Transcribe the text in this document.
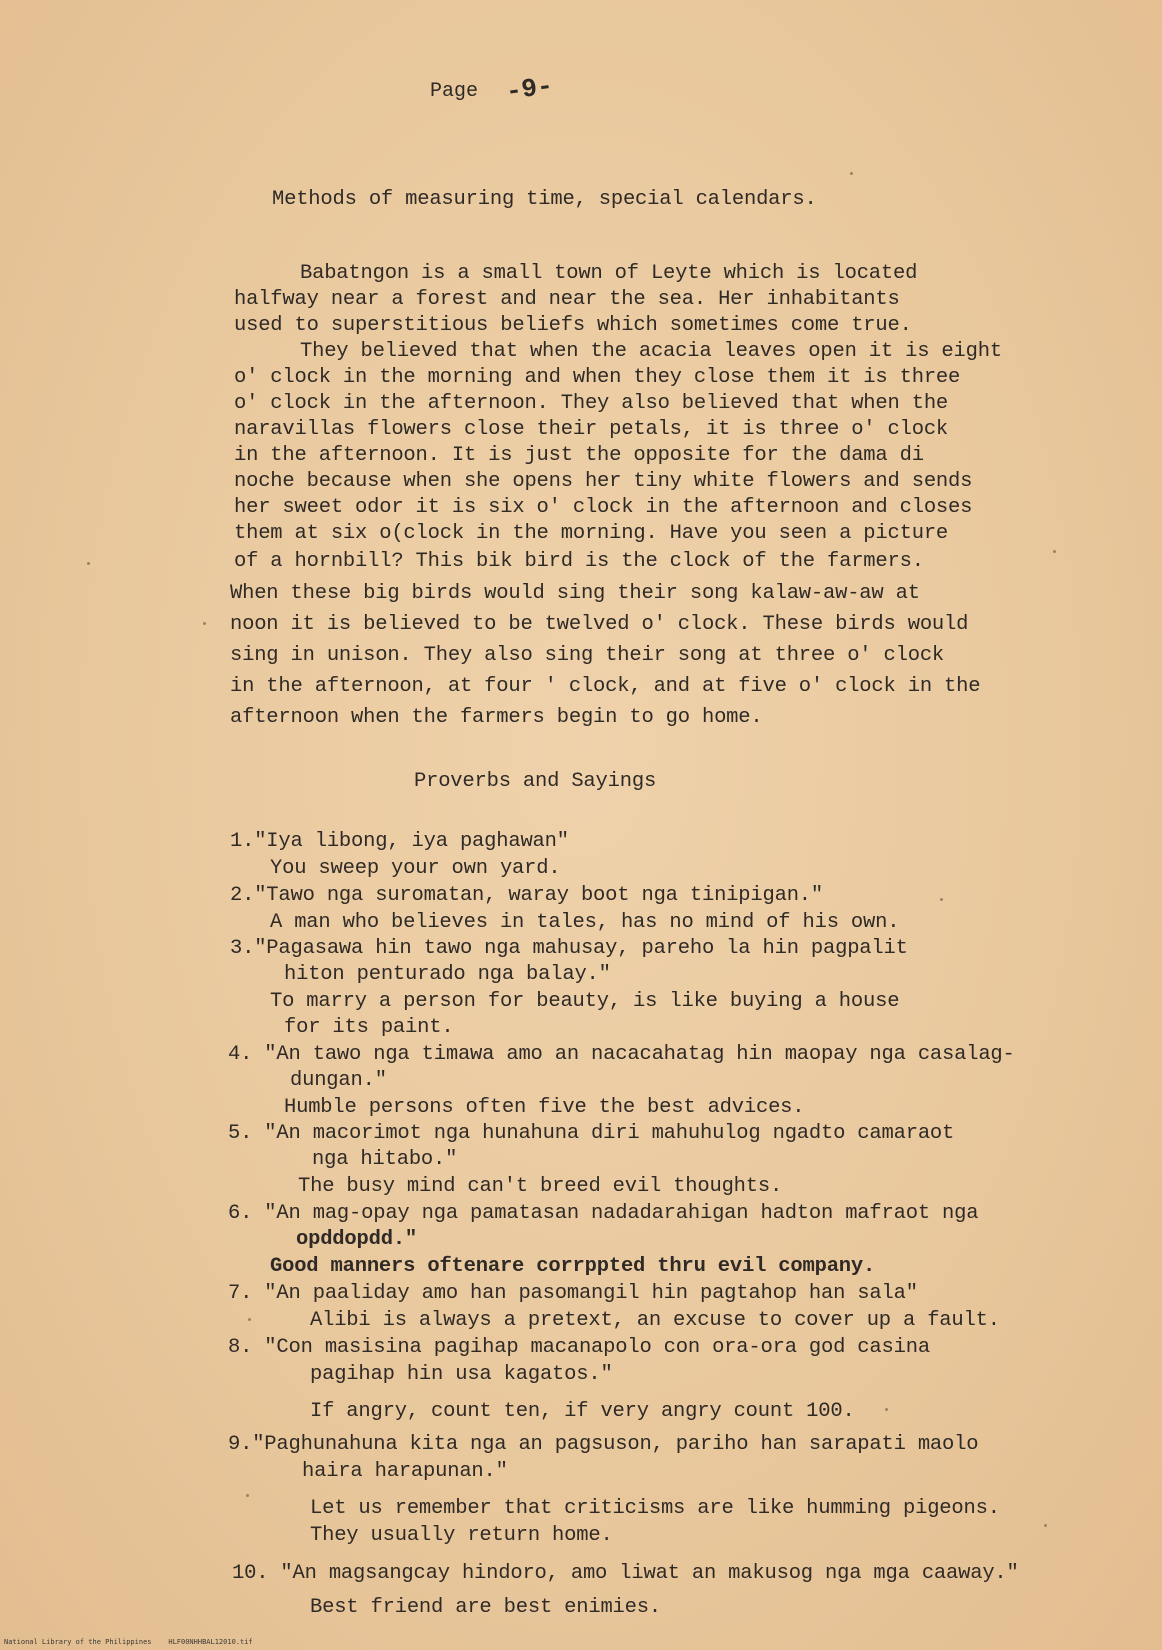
Page -9-
Methods of measuring time, special calendars.
Babatngon is a small town of Leyte which is located
halfway near a forest and near the sea. Her inhabitants
used to superstitious beliefs which sometimes come true.
They believed that when the acacia leaves open it is eight
o' clock in the morning and when they close them it is three
o' clock in the afternoon. They also believed that when the
naravillas flowers close their petals, it is three o' clock
in the afternoon. It is just the opposite for the dama di
noche because when she opens her tiny white flowers and sends
her sweet odor it is six o' clock in the afternoon and closes
them at six o(clock in the morning. Have you seen a picture
of a hornbill? This bik bird is the clock of the farmers.
When these big birds would sing their song kalaw-aw-aw at
noon it is believed to be twelved o' clock. These birds would
sing in unison. They also sing their song at three o' clock
in the afternoon, at four ' clock, and at five o' clock in the
afternoon when the farmers begin to go home.
Proverbs and Sayings
1."Iya libong, iya paghawan"
You sweep your own yard.
2."Tawo nga suromatan, waray boot nga tinipigan."
A man who believes in tales, has no mind of his own.
3."Pagasawa hin tawo nga mahusay, pareho la hin pagpalit
hiton penturado nga balay."
To marry a person for beauty, is like buying a house
for its paint.
4. "An tawo nga timawa amo an nacacahatag hin maopay nga casalag-
dungan."
Humble persons often five the best advices.
5. "An macorimot nga hunahuna diri mahuhulog ngadto camaraot
nga hitabo."
The busy mind can't breed evil thoughts.
6. "An mag-opay nga pamatasan nadadarahigan hadton mafraot nga
opddopdd."
Good manners oftenare corrppted thru evil company.
7. "An paaliday amo han pasomangil hin pagtahop han sala"
Alibi is always a pretext, an excuse to cover up a fault.
8. "Con masisina pagihap macanapolo con ora-ora god casina
pagihap hin usa kagatos."
If angry, count ten, if very angry count 100.
9."Paghunahuna kita nga an pagsuson, pariho han sarapati maolo
haira harapunan."
Let us remember that criticisms are like humming pigeons.
They usually return home.
10. "An magsangcay hindoro, amo liwat an makusog nga mga caaway."
Best friend are best enimies.
National Library of the Philippines    HLF00NHHBAL12010.tif
